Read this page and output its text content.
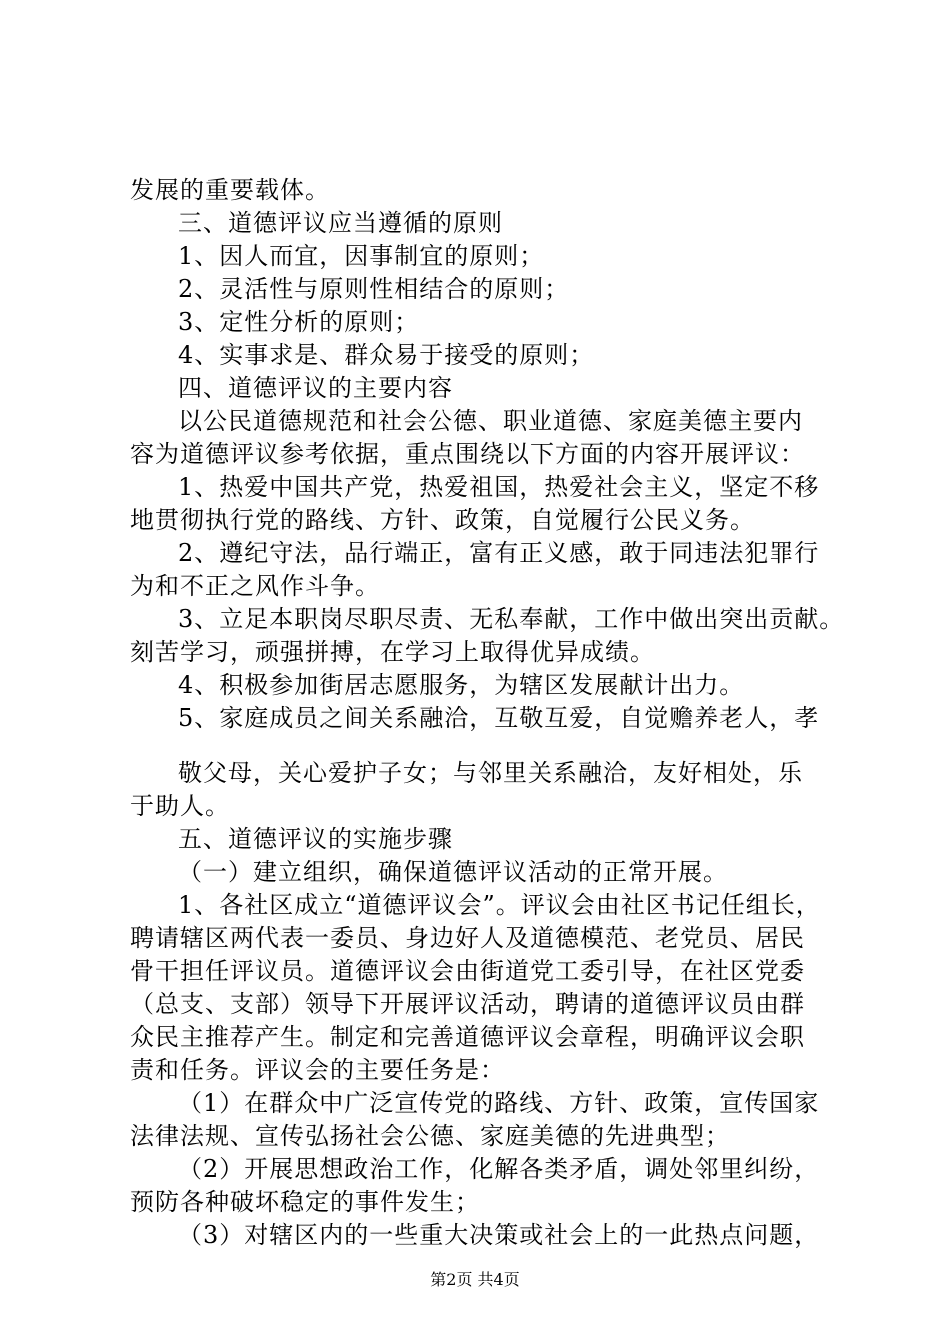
发展的重要载体。
三、道德评议应当遵循的原则
1、因人而宜，因事制宜的原则；
2、灵活性与原则性相结合的原则；
3、定性分析的原则；
4、实事求是、群众易于接受的原则；
四、道德评议的主要内容
以公民道德规范和社会公德、职业道德、家庭美德主要内
容为道德评议参考依据，重点围绕以下方面的内容开展评议：
1、热爱中国共产党，热爱祖国，热爱社会主义，坚定不移
地贯彻执行党的路线、方针、政策，自觉履行公民义务。
2、遵纪守法，品行端正，富有正义感，敢于同违法犯罪行
为和不正之风作斗争。
3、立足本职岗尽职尽责、无私奉献，工作中做出突出贡献。
刻苦学习，顽强拼搏，在学习上取得优异成绩。
4、积极参加街居志愿服务，为辖区发展献计出力。
5、家庭成员之间关系融洽，互敬互爱，自觉赡养老人，孝
敬父母，关心爱护子女；与邻里关系融洽，友好相处，乐
于助人。
五、道德评议的实施步骤
（一）建立组织，确保道德评议活动的正常开展。
1、各社区成立“道德评议会”。评议会由社区书记任组长，
聘请辖区两代表一委员、身边好人及道德模范、老党员、居民
骨干担任评议员。道德评议会由街道党工委引导，在社区党委
（总支、支部）领导下开展评议活动，聘请的道德评议员由群
众民主推荐产生。制定和完善道德评议会章程，明确评议会职
责和任务。评议会的主要任务是：
（1）在群众中广泛宣传党的路线、方针、政策，宣传国家
法律法规、宣传弘扬社会公德、家庭美德的先进典型；
（2）开展思想政治工作，化解各类矛盾，调处邻里纠纷，
预防各种破坏稳定的事件发生；
（3）对辖区内的一些重大决策或社会上的一此热点问题，
第2页 共4页
